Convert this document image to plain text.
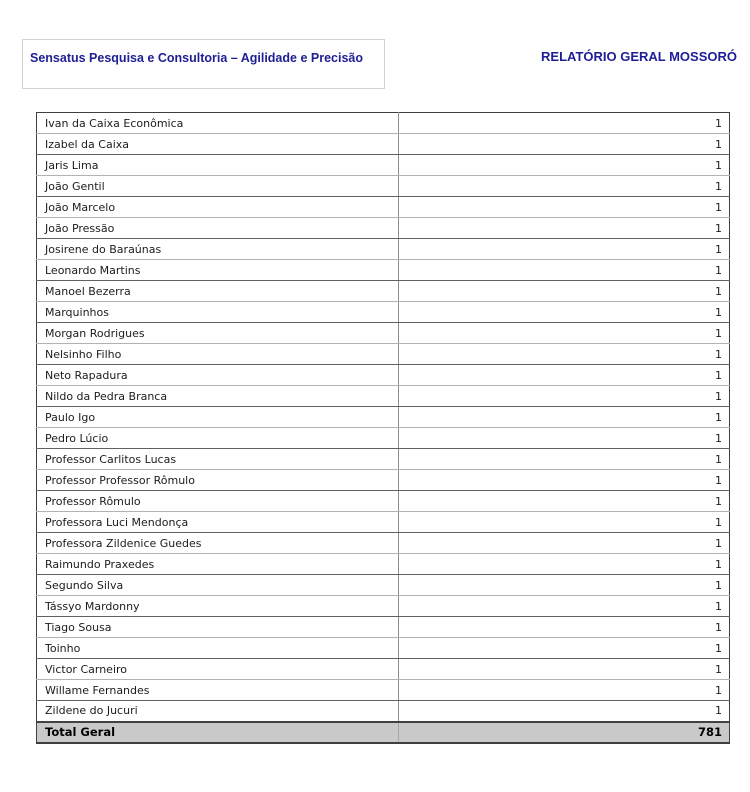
Sensatus Pesquisa e Consultoria – Agilidade e Precisão	RELATÓRIO GERAL MOSSORÓ
Ivan da Caixa Econômica	1
Izabel da Caixa	1
Jaris Lima	1
João Gentil	1
João Marcelo	1
João Pressão	1
Josirene do Baraúnas	1
Leonardo Martins	1
Manoel Bezerra	1
Marquinhos	1
Morgan Rodrigues	1
Nelsinho Filho	1
Neto Rapadura	1
Nildo da Pedra Branca	1
Paulo Igo	1
Pedro Lúcio	1
Professor Carlitos Lucas	1
Professor Professor Rômulo	1
Professor Rômulo	1
Professora Luci Mendonça	1
Professora Zildenice Guedes	1
Raimundo Praxedes	1
Segundo Silva	1
Tássyo Mardonny	1
Tiago Sousa	1
Toinho	1
Victor Carneiro	1
Willame Fernandes	1
Zildene do Jucuri	1
Total Geral	781
